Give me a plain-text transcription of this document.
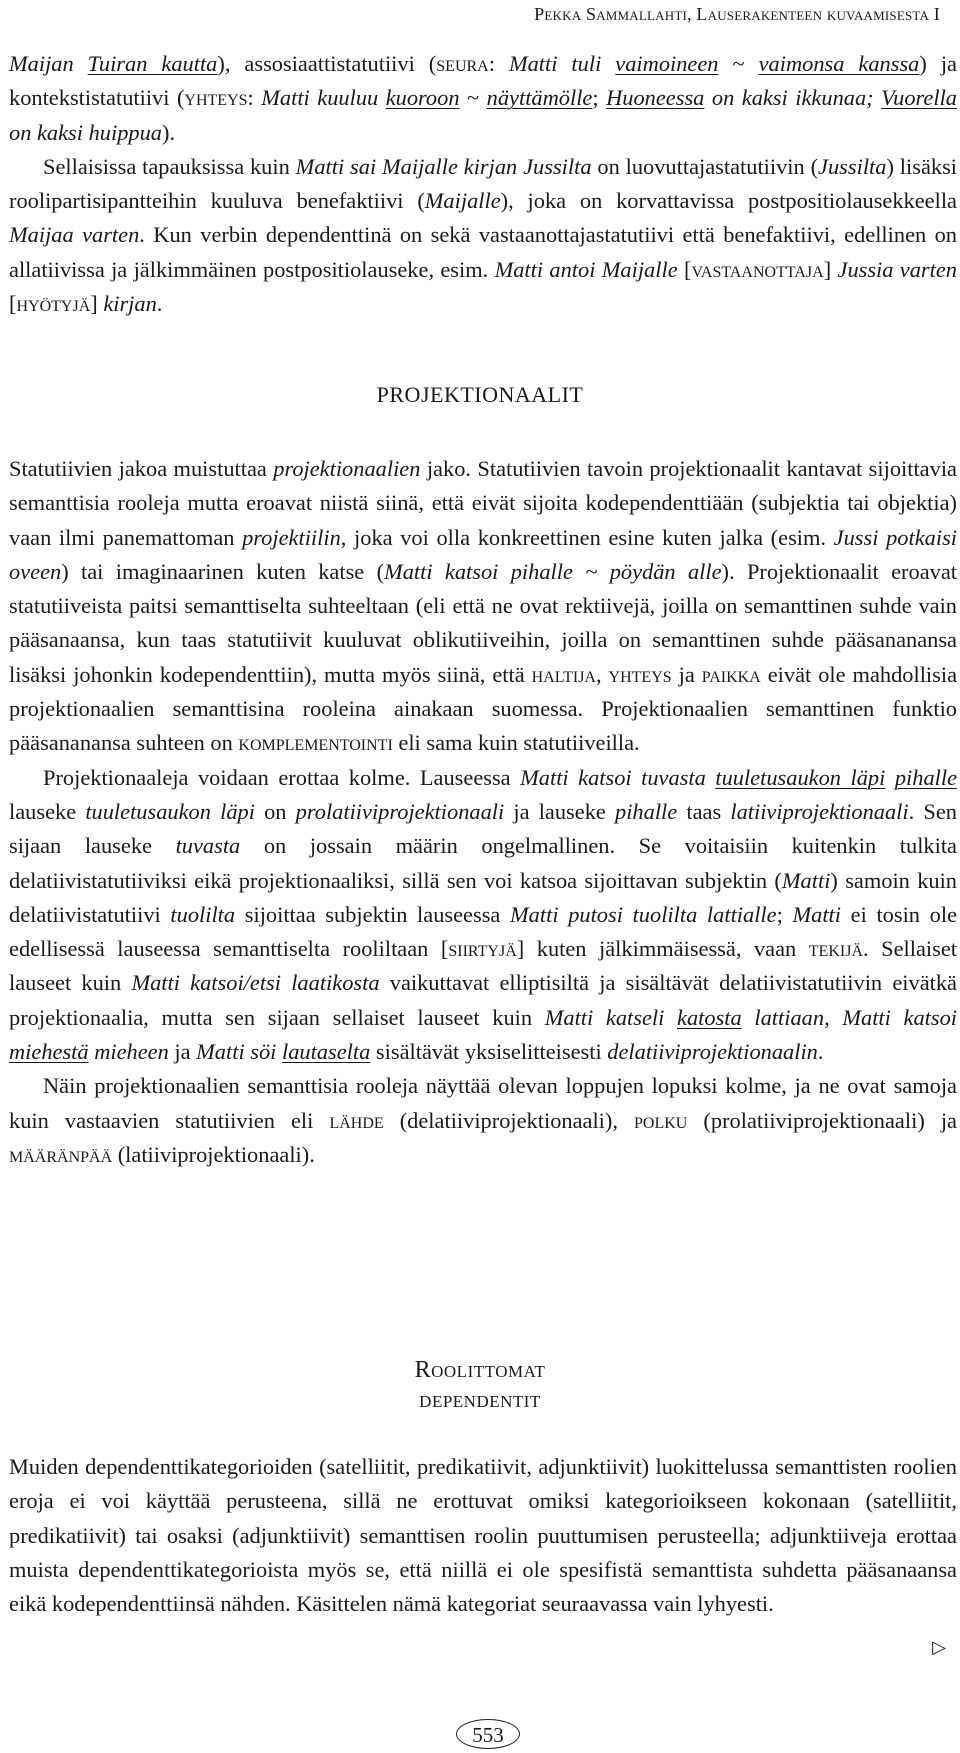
Pekka Sammallahti, Lauserakenteen kuvaamisesta I

Maijan Tuiran kautta), assosiaattistatutiivi (seura: Matti tuli vaimoineen ~ vaimonsa kanssa) ja kontekstistatutiivi (yhteys: Matti kuuluu kuoroon ~ näyttämölle; Huoneessa on kaksi ikkunaa; Vuorella on kaksi huippua).

Sellaisissa tapauksissa kuin Matti sai Maijalle kirjan Jussilta on luovuttajastatutiivin (Jussilta) lisäksi roolipartisipantteihin kuuluva benefaktiivi (Maijalle), joka on korvattavissa postpositiolausekkeella Maijaa varten. Kun verbin dependenttinä on sekä vastaanottajastatutiivi että benefaktiivi, edellinen on allatiivissa ja jälkimmäinen postpositiolauseke, esim. Matti antoi Maijalle [vastaanottaja] Jussia varten [hyötyjä] kirjan.

PROJEKTIONAALIT

Statutiivien jakoa muistuttaa projektionaalien jako. Statutiivien tavoin projektionaalit kantavat sijoittavia semanttisia rooleja mutta eroavat niistä siinä, että eivät sijoita kodependenttiään (subjektia tai objektia) vaan ilmi panemattoman projektiilin, joka voi olla konkreettinen esine kuten jalka (esim. Jussi potkaisi oveen) tai imaginaarinen kuten katse (Matti katsoi pihalle ~ pöydän alle). Projektionaalit eroavat statutiiveista paitsi semanttiselta suhteeltaan (eli että ne ovat rektiivejä, joilla on semanttinen suhde vain pääsanaansa, kun taas statutiivit kuuluvat oblikutiiveihin, joilla on semanttinen suhde pääsananansa lisäksi johonkin kodependenttiin), mutta myös siinä, että haltija, yhteys ja paikka eivät ole mahdollisia projektionaalien semanttisina rooleina ainakaan suomessa. Projektionaalien semanttinen funktio pääsananansa suhteen on komplementointi eli sama kuin statutiiveilla.

Projektionaaleja voidaan erottaa kolme. Lauseessa Matti katsoi tuvasta tuuletusaukon läpi pihalle lauseke tuuletusaukon läpi on prolatiiviprojektionaali ja lauseke pihalle taas latiiviprojektionaali. Sen sijaan lauseke tuvasta on jossain määrin ongelmallinen. Se voitaisiin kuitenkin tulkita delatiivistatutiiviksi eikä projektionaaliksi, sillä sen voi katsoa sijoittavan subjektin (Matti) samoin kuin delatiivistatutiivi tuolilta sijoittaa subjektin lauseessa Matti putosi tuolilta lattialle; Matti ei tosin ole edellisessä lauseessa semanttiselta rooliltaan [siirtyjä] kuten jälkimmäisessä, vaan tekijä. Sellaiset lauseet kuin Matti katsoi/etsi laatikosta vaikuttavat elliptisiltä ja sisältävät delatiivistatutiivin eivätkä projektionaalia, mutta sen sijaan sellaiset lauseet kuin Matti katseli katosta lattiaan, Matti katsoi miehestä mieheen ja Matti söi lautaselta sisältävät yksiselitteisesti delatiiviprojektionaalin.

Näin projektionaalien semanttisia rooleja näyttää olevan loppujen lopuksi kolme, ja ne ovat samoja kuin vastaavien statutiivien eli lähde (delatiiviprojektionaali), polku (prolatiiviprojektionaali) ja määränpää (latiiviprojektionaali).

Roolittomat
dependentit

Muiden dependenttikategorioiden (satelliitit, predikatiivit, adjunktiivit) luokittelussa semanttisten roolien eroja ei voi käyttää perusteena, sillä ne erottuvat omiksi kategorioikseen kokonaan (satelliitit, predikatiivit) tai osaksi (adjunktiivit) semanttisen roolin puuttumisen perusteella; adjunktiiveja erottaa muista dependenttikategorioista myös se, että niillä ei ole spesifistä semanttista suhdetta pääsanaansa eikä kodependenttiinsä nähden. Käsittelen nämä kategoriat seuraavassa vain lyhyesti.

▷
553
